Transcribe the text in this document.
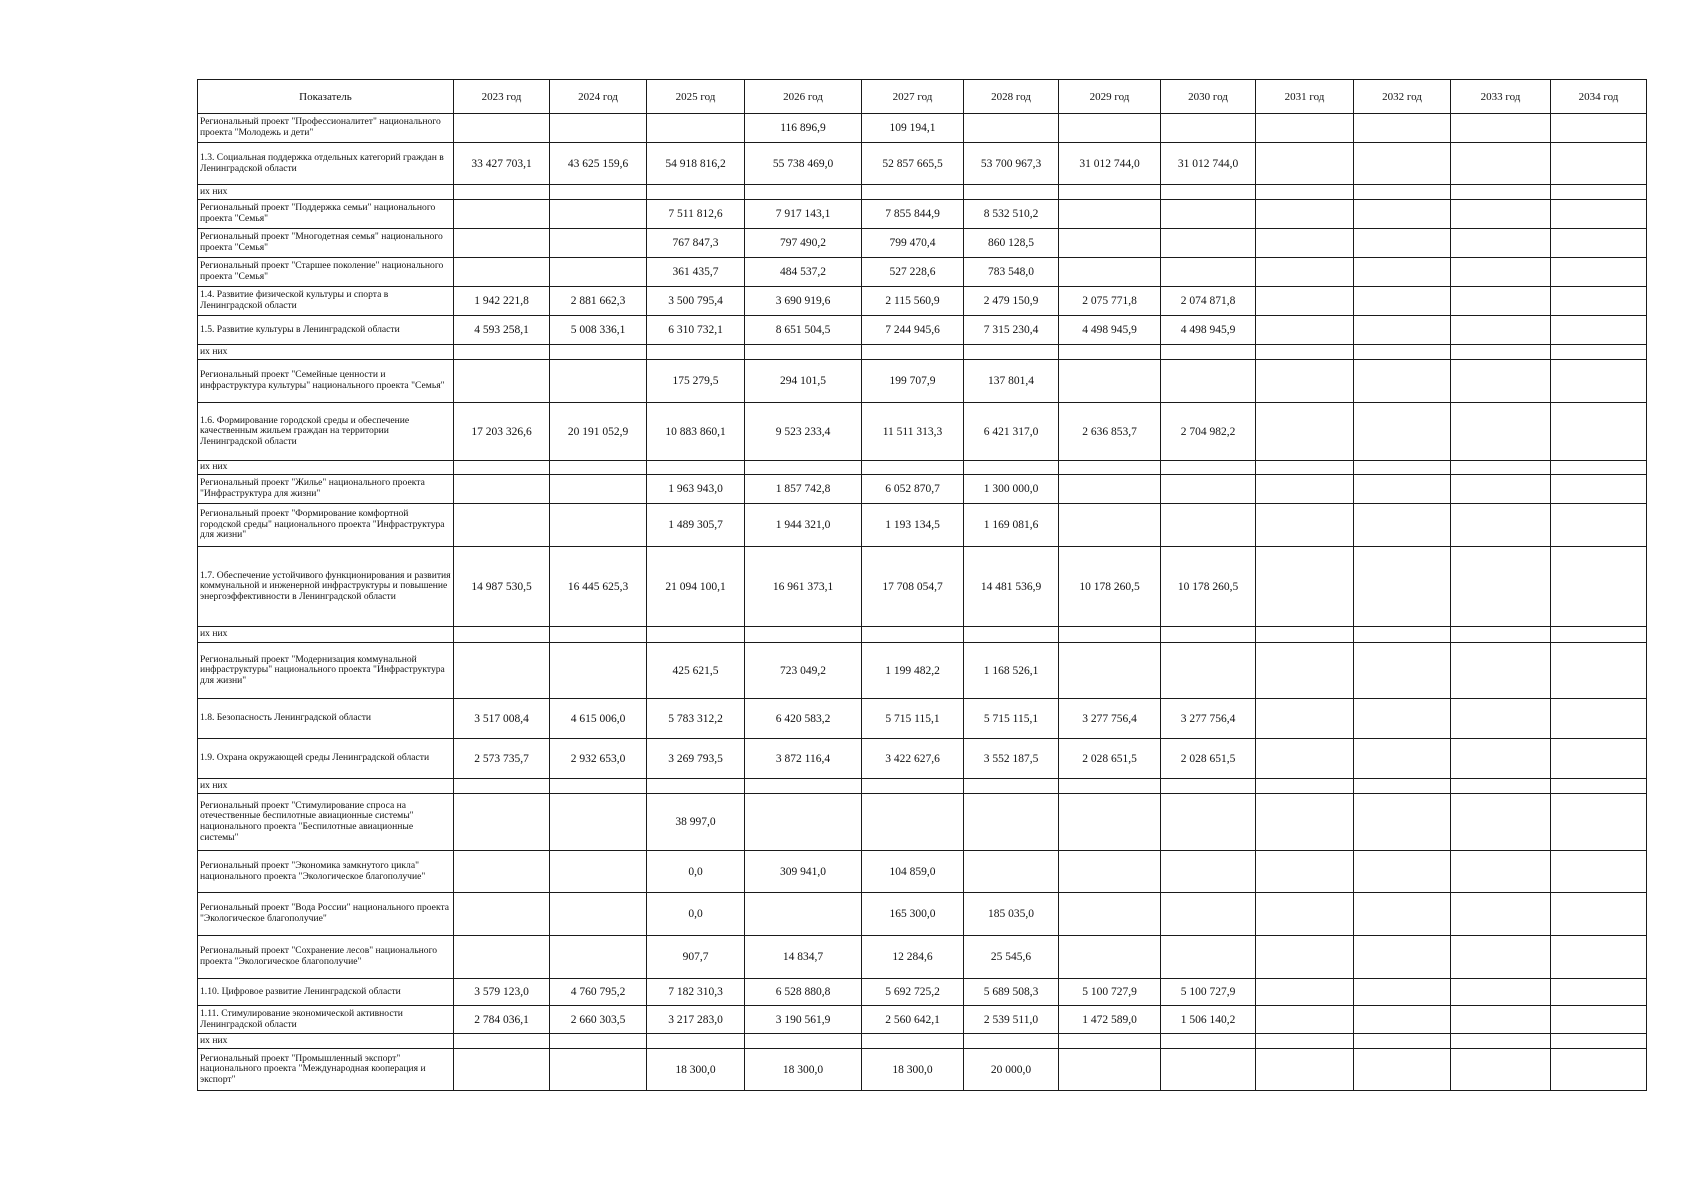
Показатель	2023 год	2024 год	2025 год	2026 год	2027 год	2028 год	2029 год	2030 год	2031 год	2032 год	2033 год	2034 год
Региональный проект "Профессионалитет" национального проекта "Молодежь и дети"				116 896,9	109 194,1							
1.3. Социальная поддержка отдельных категорий граждан в Ленинградской области	33 427 703,1	43 625 159,6	54 918 816,2	55 738 469,0	52 857 665,5	53 700 967,3	31 012 744,0	31 012 744,0				
их них												
Региональный проект "Поддержка семьи" национального проекта "Семья"			7 511 812,6	7 917 143,1	7 855 844,9	8 532 510,2						
Региональный проект "Многодетная семья" национального проекта "Семья"			767 847,3	797 490,2	799 470,4	860 128,5						
Региональный проект "Старшее поколение" национального проекта "Семья"			361 435,7	484 537,2	527 228,6	783 548,0						
1.4. Развитие физической культуры и спорта в Ленинградской области	1 942 221,8	2 881 662,3	3 500 795,4	3 690 919,6	2 115 560,9	2 479 150,9	2 075 771,8	2 074 871,8				
1.5. Развитие культуры в Ленинградской области	4 593 258,1	5 008 336,1	6 310 732,1	8 651 504,5	7 244 945,6	7 315 230,4	4 498 945,9	4 498 945,9				
их них												
Региональный проект "Семейные ценности и инфраструктура культуры" национального проекта "Семья"			175 279,5	294 101,5	199 707,9	137 801,4						
1.6. Формирование городской среды и обеспечение качественным жильем граждан на территории Ленинградской области	17 203 326,6	20 191 052,9	10 883 860,1	9 523 233,4	11 511 313,3	6 421 317,0	2 636 853,7	2 704 982,2				
их них												
Региональный проект "Жилье" национального проекта "Инфраструктура для жизни"			1 963 943,0	1 857 742,8	6 052 870,7	1 300 000,0						
Региональный проект "Формирование комфортной городской среды" национального проекта "Инфраструктура для жизни"			1 489 305,7	1 944 321,0	1 193 134,5	1 169 081,6						
1.7. Обеспечение устойчивого функционирования и развития коммунальной и инженерной инфраструктуры и повышение энергоэффективности в Ленинградской области	14 987 530,5	16 445 625,3	21 094 100,1	16 961 373,1	17 708 054,7	14 481 536,9	10 178 260,5	10 178 260,5				
их них												
Региональный проект "Модернизация коммунальной инфраструктуры" национального проекта "Инфраструктура для жизни"			425 621,5	723 049,2	1 199 482,2	1 168 526,1						
1.8. Безопасность Ленинградской области	3 517 008,4	4 615 006,0	5 783 312,2	6 420 583,2	5 715 115,1	5 715 115,1	3 277 756,4	3 277 756,4				
1.9. Охрана окружающей среды Ленинградской области	2 573 735,7	2 932 653,0	3 269 793,5	3 872 116,4	3 422 627,6	3 552 187,5	2 028 651,5	2 028 651,5				
их них												
Региональный проект "Стимулирование спроса на отечественные беспилотные авиационные системы" национального проекта "Беспилотные авиационные системы"			38 997,0									
Региональный проект "Экономика замкнутого цикла" национального проекта "Экологическое благополучие"			0,0	309 941,0	104 859,0							
Региональный проект "Вода России" национального проекта "Экологическое благополучие"			0,0		165 300,0	185 035,0						
Региональный проект "Сохранение лесов" национального проекта "Экологическое благополучие"			907,7	14 834,7	12 284,6	25 545,6						
1.10. Цифровое развитие Ленинградской области	3 579 123,0	4 760 795,2	7 182 310,3	6 528 880,8	5 692 725,2	5 689 508,3	5 100 727,9	5 100 727,9				
1.11. Стимулирование экономической активности Ленинградской области	2 784 036,1	2 660 303,5	3 217 283,0	3 190 561,9	2 560 642,1	2 539 511,0	1 472 589,0	1 506 140,2				
их них												
Региональный проект "Промышленный экспорт" национального проекта "Международная кооперация и экспорт"			18 300,0	18 300,0	18 300,0	20 000,0						
